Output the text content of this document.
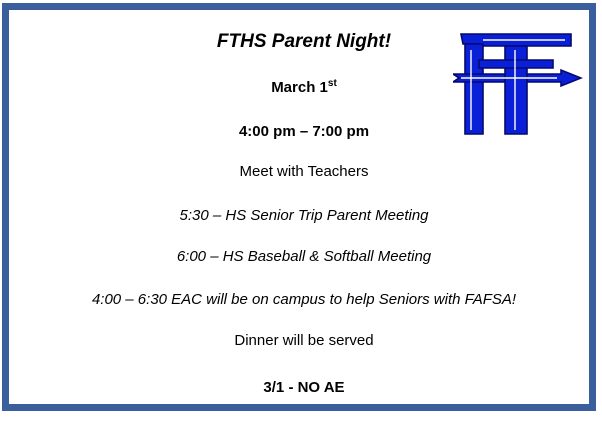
FTHS Parent Night!
March 1st
4:00 pm – 7:00 pm
Meet with Teachers
5:30 – HS Senior Trip Parent Meeting
6:00 – HS Baseball & Softball Meeting
4:00 – 6:30 EAC will be on campus to help Seniors with FAFSA!
Dinner will be served
3/1 - NO AE
